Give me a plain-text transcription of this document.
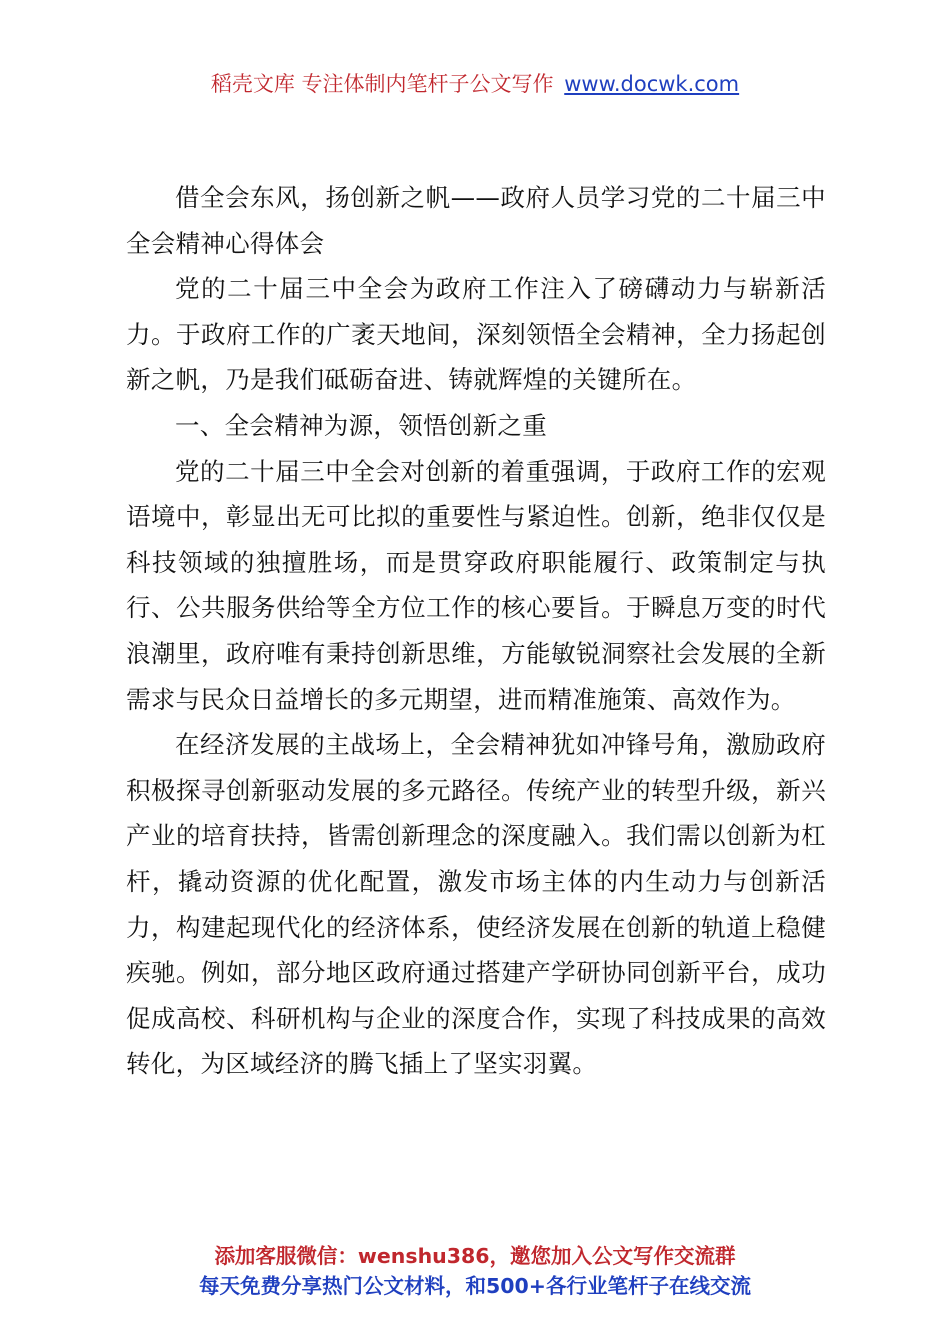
稻壳文库 专注体制内笔杆子公文写作 www.docwk.com

借全会东风，扬创新之帆——政府人员学习党的二十届三中全会精神心得体会

党的二十届三中全会为政府工作注入了磅礴动力与崭新活力。于政府工作的广袤天地间，深刻领悟全会精神，全力扬起创新之帆，乃是我们砥砺奋进、铸就辉煌的关键所在。

一、全会精神为源，领悟创新之重

党的二十届三中全会对创新的着重强调，于政府工作的宏观语境中，彰显出无可比拟的重要性与紧迫性。创新，绝非仅仅是科技领域的独擅胜场，而是贯穿政府职能履行、政策制定与执行、公共服务供给等全方位工作的核心要旨。于瞬息万变的时代浪潮里，政府唯有秉持创新思维，方能敏锐洞察社会发展的全新需求与民众日益增长的多元期望，进而精准施策、高效作为。

在经济发展的主战场上，全会精神犹如冲锋号角，激励政府积极探寻创新驱动发展的多元路径。传统产业的转型升级，新兴产业的培育扶持，皆需创新理念的深度融入。我们需以创新为杠杆，撬动资源的优化配置，激发市场主体的内生动力与创新活力，构建起现代化的经济体系，使经济发展在创新的轨道上稳健疾驰。例如，部分地区政府通过搭建产学研协同创新平台，成功促成高校、科研机构与企业的深度合作，实现了科技成果的高效转化，为区域经济的腾飞插上了坚实羽翼。

添加客服微信：wenshu386，邀您加入公文写作交流群
每天免费分享热门公文材料，和500+各行业笔杆子在线交流
